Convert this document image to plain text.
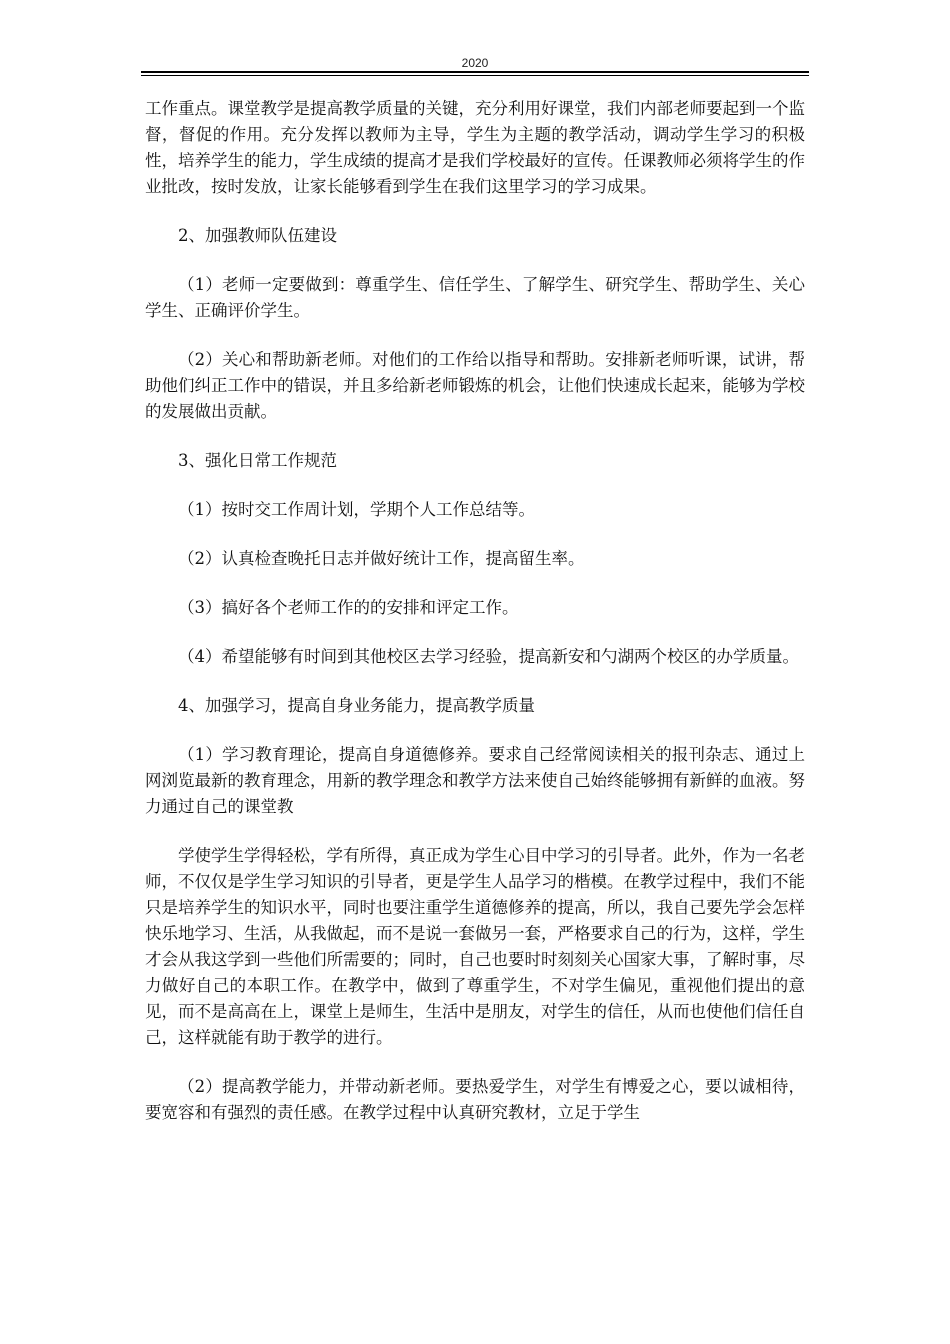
2020

工作重点。课堂教学是提高教学质量的关键，充分利用好课堂，我们内部老师要起到一个监督，督促的作用。充分发挥以教师为主导，学生为主题的教学活动，调动学生学习的积极性，培养学生的能力，学生成绩的提高才是我们学校最好的宣传。任课教师必须将学生的作业批改，按时发放，让家长能够看到学生在我们这里学习的学习成果。

2、加强教师队伍建设

（1）老师一定要做到：尊重学生、信任学生、了解学生、研究学生、帮助学生、关心学生、正确评价学生。

（2）关心和帮助新老师。对他们的工作给以指导和帮助。安排新老师听课，试讲，帮助他们纠正工作中的错误，并且多给新老师锻炼的机会，让他们快速成长起来，能够为学校的发展做出贡献。

3、强化日常工作规范

（1）按时交工作周计划，学期个人工作总结等。

（2）认真检查晚托日志并做好统计工作，提高留生率。

（3）搞好各个老师工作的的安排和评定工作。

（4）希望能够有时间到其他校区去学习经验，提高新安和勺湖两个校区的办学质量。

4、加强学习，提高自身业务能力，提高教学质量

（1）学习教育理论，提高自身道德修养。要求自己经常阅读相关的报刊杂志、通过上网浏览最新的教育理念，用新的教学理念和教学方法来使自己始终能够拥有新鲜的血液。努力通过自己的课堂教

学使学生学得轻松，学有所得，真正成为学生心目中学习的引导者。此外，作为一名老师，不仅仅是学生学习知识的引导者，更是学生人品学习的楷模。在教学过程中，我们不能只是培养学生的知识水平，同时也要注重学生道德修养的提高，所以，我自己要先学会怎样快乐地学习、生活，从我做起，而不是说一套做另一套，严格要求自己的行为，这样，学生才会从我这学到一些他们所需要的；同时，自己也要时时刻刻关心国家大事，了解时事，尽力做好自己的本职工作。在教学中，做到了尊重学生，不对学生偏见，重视他们提出的意见，而不是高高在上，课堂上是师生，生活中是朋友，对学生的信任，从而也使他们信任自己，这样就能有助于教学的进行。

（2）提高教学能力，并带动新老师。要热爱学生，对学生有博爱之心，要以诚相待，要宽容和有强烈的责任感。在教学过程中认真研究教材，立足于学生
